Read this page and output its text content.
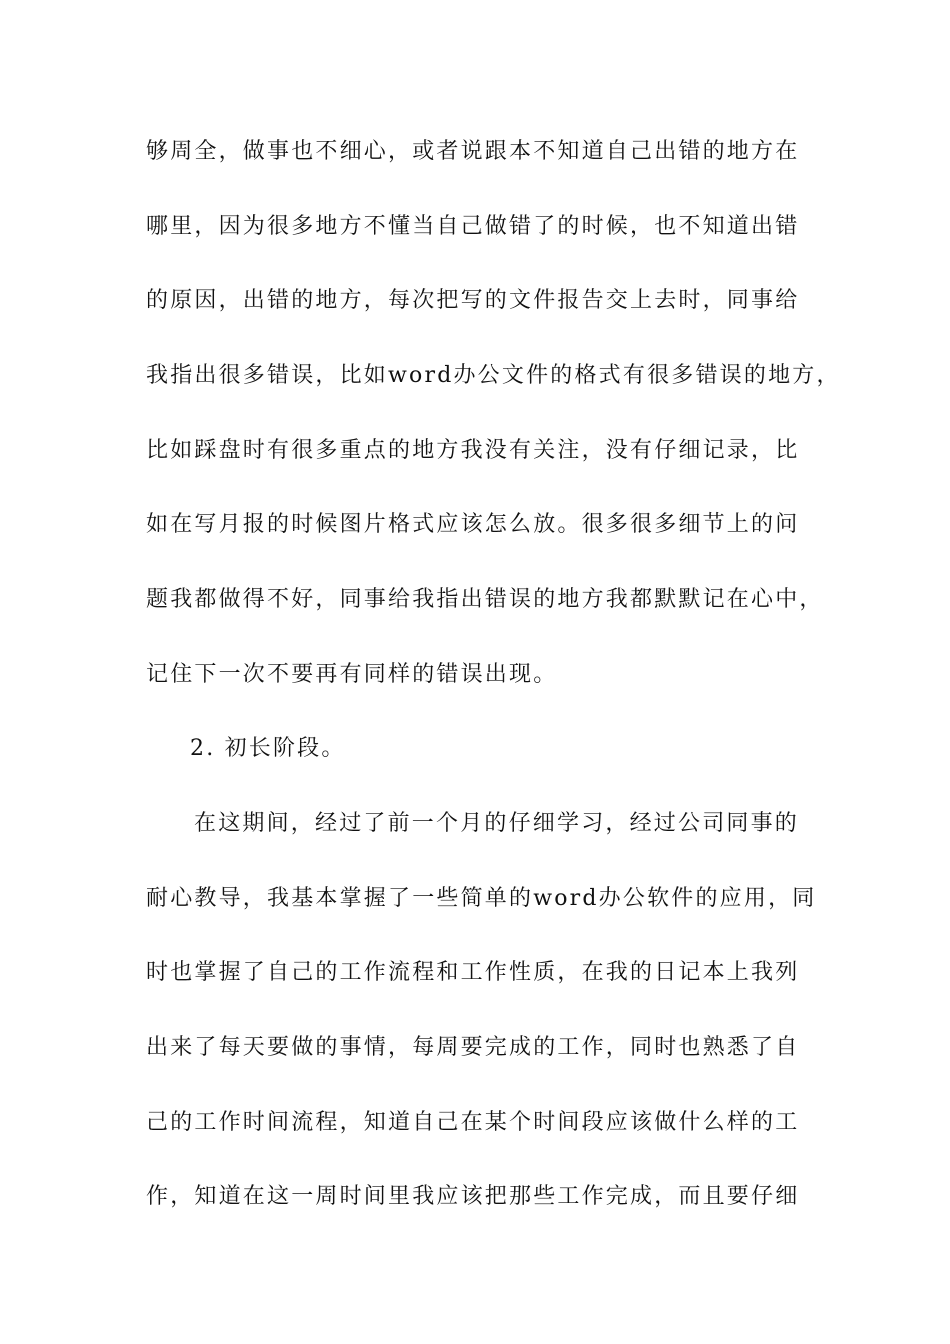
够周全，做事也不细心，或者说跟本不知道自己出错的地方在
哪里，因为很多地方不懂当自己做错了的时候，也不知道出错
的原因，出错的地方，每次把写的文件报告交上去时，同事给
我指出很多错误，比如word办公文件的格式有很多错误的地方，
比如踩盘时有很多重点的地方我没有关注，没有仔细记录，比
如在写月报的时候图片格式应该怎么放。很多很多细节上的问
题我都做得不好，同事给我指出错误的地方我都默默记在心中，
记住下一次不要再有同样的错误出现。
2. 初长阶段。
在这期间，经过了前一个月的仔细学习，经过公司同事的
耐心教导，我基本掌握了一些简单的word办公软件的应用，同
时也掌握了自己的工作流程和工作性质，在我的日记本上我列
出来了每天要做的事情，每周要完成的工作，同时也熟悉了自
己的工作时间流程，知道自己在某个时间段应该做什么样的工
作，知道在这一周时间里我应该把那些工作完成，而且要仔细
